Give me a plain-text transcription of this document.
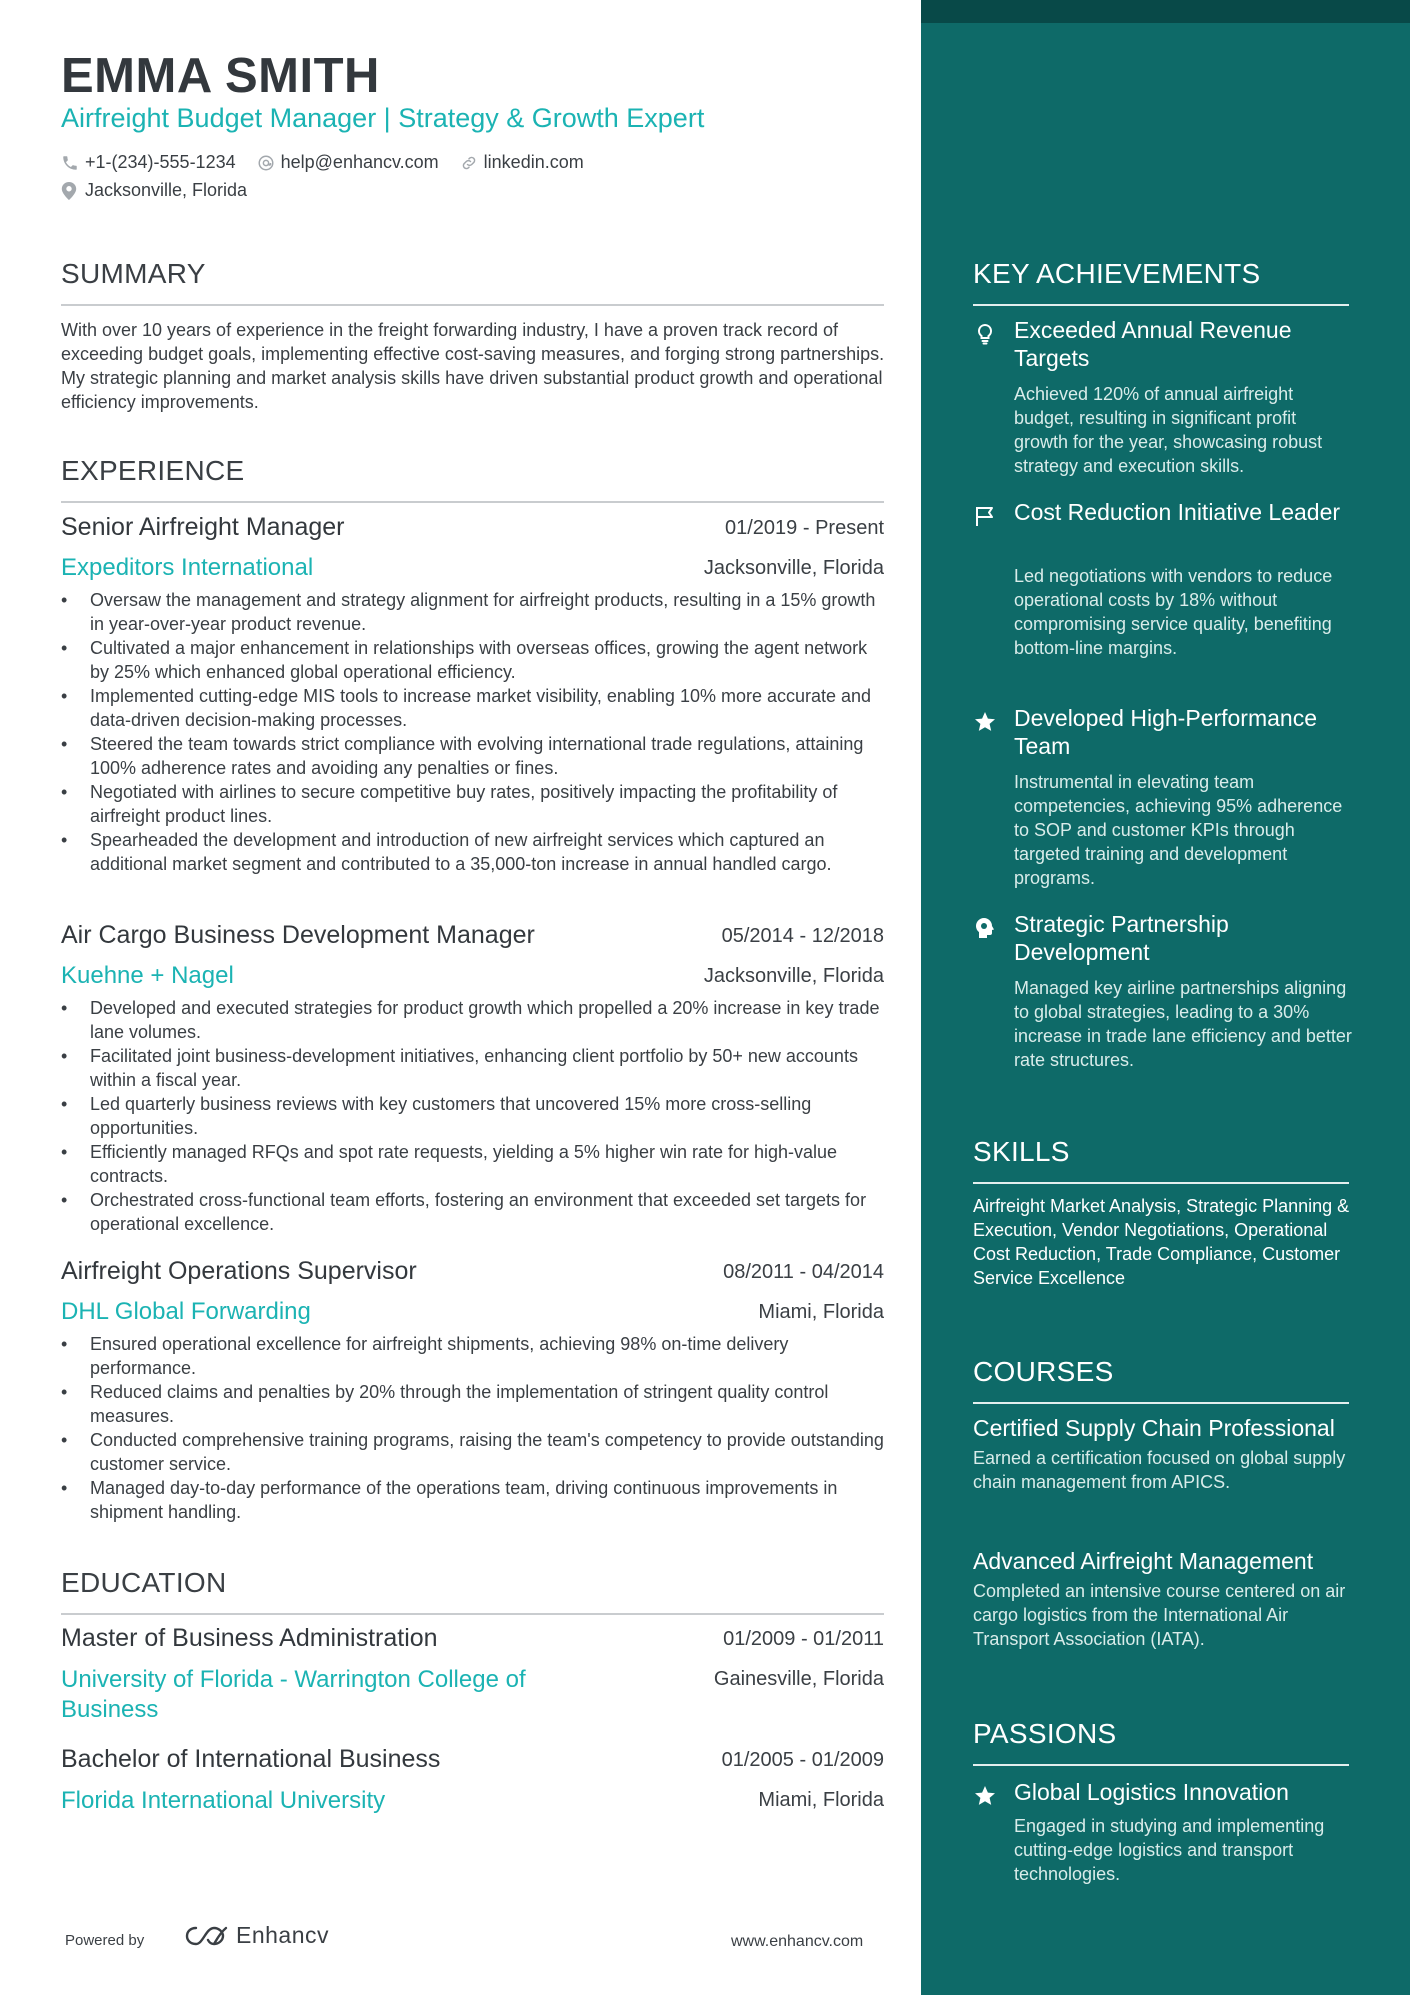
EMMA SMITH
Airfreight Budget Manager | Strategy & Growth Expert
+1-(234)-555-1234
	help@enhancv.com
	linkedin.com
Jacksonville, Florida
SUMMARY
With over 10 years of experience in the freight forwarding industry, I have a proven track record of exceeding budget goals, implementing effective cost-saving measures, and forging strong partnerships. My strategic planning and market analysis skills have driven substantial product growth and operational efficiency improvements.
EXPERIENCE
Senior Airfreight Manager	01/2019 - Present
Expeditors International	Jacksonville, Florida
• Oversaw the management and strategy alignment for airfreight products, resulting in a 15% growth in year-over-year product revenue.
• Cultivated a major enhancement in relationships with overseas offices, growing the agent network by 25% which enhanced global operational efficiency.
• Implemented cutting-edge MIS tools to increase market visibility, enabling 10% more accurate and data-driven decision-making processes.
• Steered the team towards strict compliance with evolving international trade regulations, attaining 100% adherence rates and avoiding any penalties or fines.
• Negotiated with airlines to secure competitive buy rates, positively impacting the profitability of airfreight product lines.
• Spearheaded the development and introduction of new airfreight services which captured an additional market segment and contributed to a 35,000-ton increase in annual handled cargo.
Air Cargo Business Development Manager	05/2014 - 12/2018
Kuehne + Nagel	Jacksonville, Florida
• Developed and executed strategies for product growth which propelled a 20% increase in key trade lane volumes.
• Facilitated joint business-development initiatives, enhancing client portfolio by 50+ new accounts within a fiscal year.
• Led quarterly business reviews with key customers that uncovered 15% more cross-selling opportunities.
• Efficiently managed RFQs and spot rate requests, yielding a 5% higher win rate for high-value contracts.
• Orchestrated cross-functional team efforts, fostering an environment that exceeded set targets for operational excellence.
Airfreight Operations Supervisor	08/2011 - 04/2014
DHL Global Forwarding	Miami, Florida
• Ensured operational excellence for airfreight shipments, achieving 98% on-time delivery performance.
• Reduced claims and penalties by 20% through the implementation of stringent quality control measures.
• Conducted comprehensive training programs, raising the team's competency to provide outstanding customer service.
• Managed day-to-day performance of the operations team, driving continuous improvements in shipment handling.
EDUCATION
Master of Business Administration	01/2009 - 01/2011
University of Florida - Warrington College of Business
Gainesville, Florida
Bachelor of International Business	01/2005 - 01/2009
Florida International University	Miami, Florida
Powered by	Enhancv	www.enhancv.com
KEY ACHIEVEMENTS
Exceeded Annual Revenue Targets
Achieved 120% of annual airfreight budget, resulting in significant profit growth for the year, showcasing robust strategy and execution skills.
Cost Reduction Initiative Leader
Led negotiations with vendors to reduce operational costs by 18% without compromising service quality, benefiting bottom-line margins.
Developed High-Performance Team
Instrumental in elevating team competencies, achieving 95% adherence to SOP and customer KPIs through targeted training and development programs.
Strategic Partnership Development
Managed key airline partnerships aligning to global strategies, leading to a 30% increase in trade lane efficiency and better rate structures.
SKILLS
Airfreight Market Analysis, Strategic Planning & Execution, Vendor Negotiations, Operational Cost Reduction, Trade Compliance, Customer Service Excellence
COURSES
Certified Supply Chain Professional
Earned a certification focused on global supply chain management from APICS.
Advanced Airfreight Management
Completed an intensive course centered on air cargo logistics from the International Air Transport Association (IATA).
PASSIONS
Global Logistics Innovation
Engaged in studying and implementing cutting-edge logistics and transport technologies.
